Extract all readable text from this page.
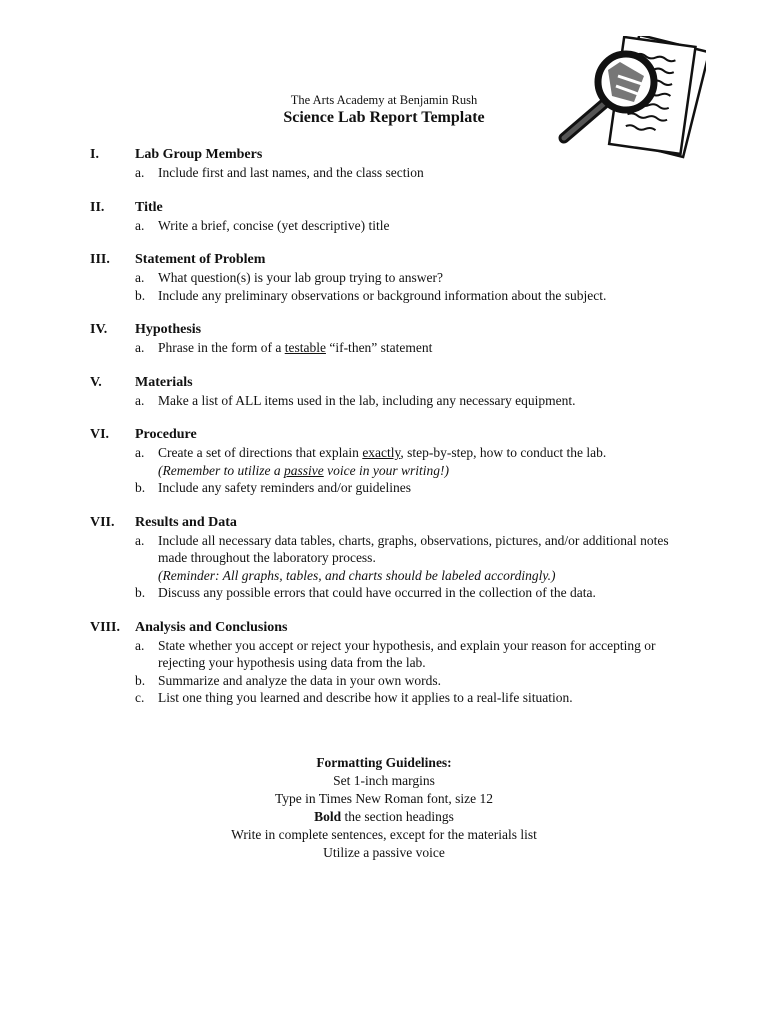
The Arts Academy at Benjamin Rush
Science Lab Report Template
I.	Lab Group Members
a.	Include first and last names, and the class section
II.	Title
a.	Write a brief, concise (yet descriptive) title
III.	Statement of Problem
a.	What question(s) is your lab group trying to answer?
b. Include any preliminary observations or background information about the subject.
IV.	Hypothesis
a.	Phrase in the form of a testable “if-then” statement
V.	Materials
a.	Make a list of ALL items used in the lab, including any necessary equipment.
VI.	Procedure
a.	Create a set of directions that explain exactly, step-by-step, how to conduct the lab.
(Remember to utilize a passive voice in your writing!)
b. Include any safety reminders and/or guidelines
VII.	Results and Data
a.	Include all necessary data tables, charts, graphs, observations, pictures, and/or additional notes made throughout the laboratory process.
(Reminder: All graphs, tables, and charts should be labeled accordingly.)
b. Discuss any possible errors that could have occurred in the collection of the data.
VIII.	Analysis and Conclusions
a.	State whether you accept or reject your hypothesis, and explain your reason for accepting or rejecting your hypothesis using data from the lab.
b. Summarize and analyze the data in your own words.
c.	List one thing you learned and describe how it applies to a real-life situation.
Formatting Guidelines:
Set 1-inch margins
Type in Times New Roman font, size 12
Bold the section headings
Write in complete sentences, except for the materials list
Utilize a passive voice
